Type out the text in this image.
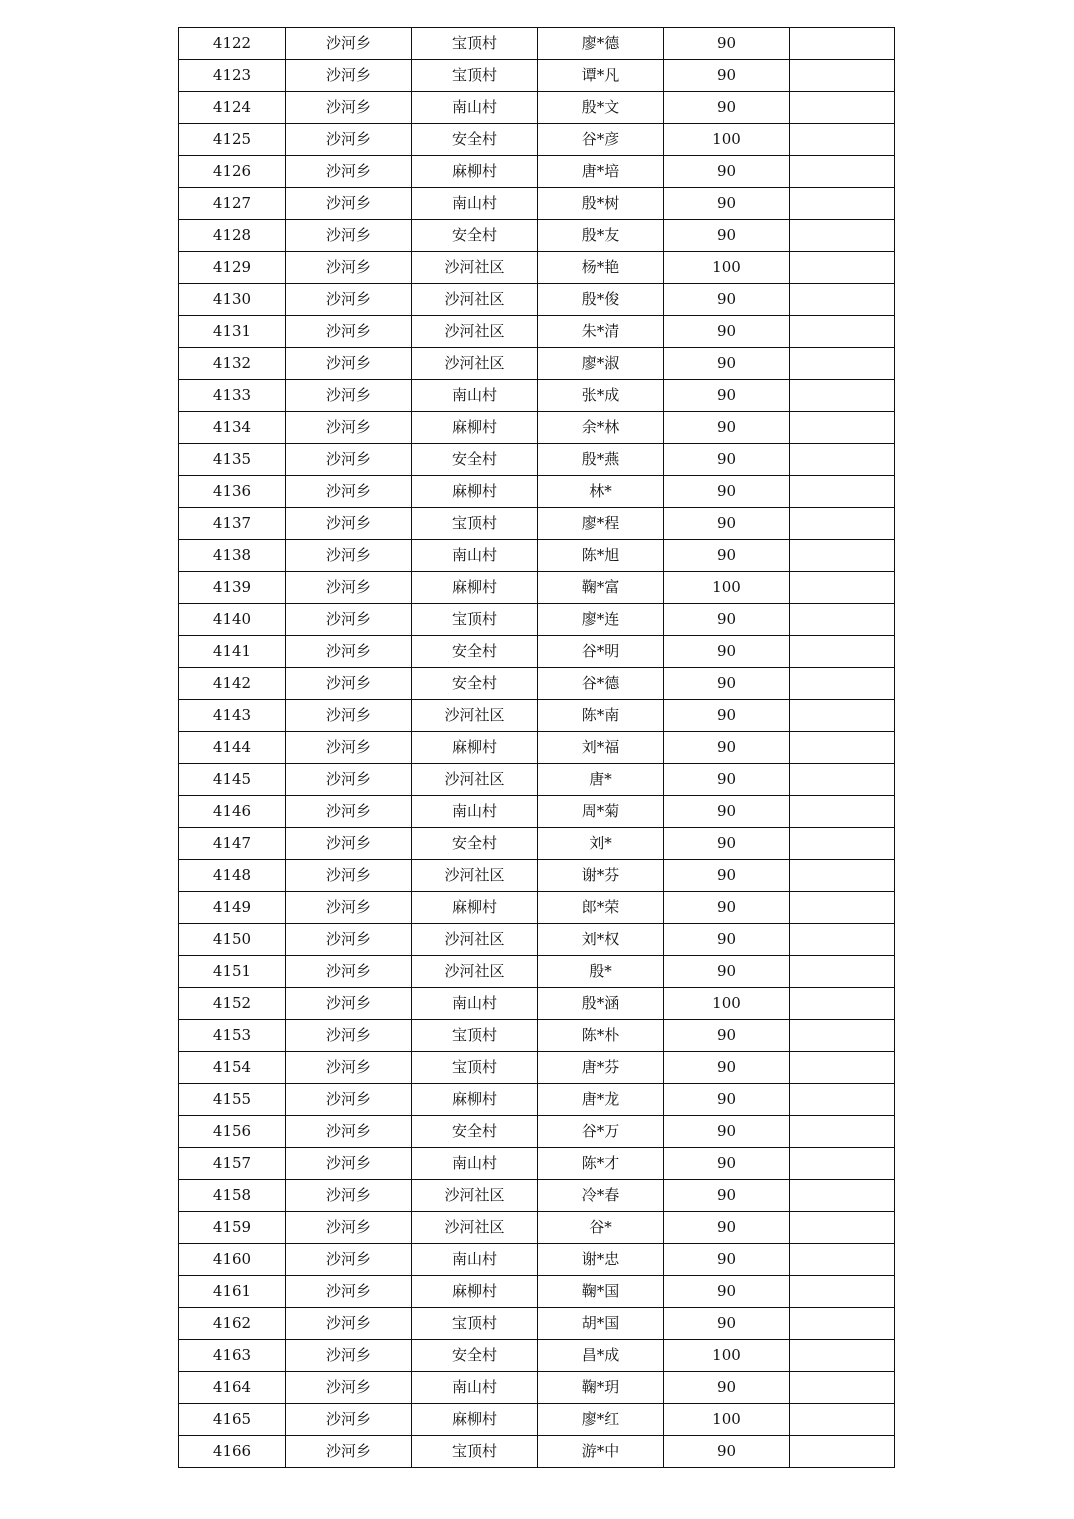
4122	沙河乡	宝顶村	廖*德	90	
4123	沙河乡	宝顶村	谭*凡	90	
4124	沙河乡	南山村	殷*文	90	
4125	沙河乡	安全村	谷*彦	100	
4126	沙河乡	麻柳村	唐*培	90	
4127	沙河乡	南山村	殷*树	90	
4128	沙河乡	安全村	殷*友	90	
4129	沙河乡	沙河社区	杨*艳	100	
4130	沙河乡	沙河社区	殷*俊	90	
4131	沙河乡	沙河社区	朱*清	90	
4132	沙河乡	沙河社区	廖*淑	90	
4133	沙河乡	南山村	张*成	90	
4134	沙河乡	麻柳村	余*林	90	
4135	沙河乡	安全村	殷*燕	90	
4136	沙河乡	麻柳村	林*	90	
4137	沙河乡	宝顶村	廖*程	90	
4138	沙河乡	南山村	陈*旭	90	
4139	沙河乡	麻柳村	鞠*富	100	
4140	沙河乡	宝顶村	廖*连	90	
4141	沙河乡	安全村	谷*明	90	
4142	沙河乡	安全村	谷*德	90	
4143	沙河乡	沙河社区	陈*南	90	
4144	沙河乡	麻柳村	刘*福	90	
4145	沙河乡	沙河社区	唐*	90	
4146	沙河乡	南山村	周*菊	90	
4147	沙河乡	安全村	刘*	90	
4148	沙河乡	沙河社区	谢*芬	90	
4149	沙河乡	麻柳村	郎*荣	90	
4150	沙河乡	沙河社区	刘*权	90	
4151	沙河乡	沙河社区	殷*	90	
4152	沙河乡	南山村	殷*涵	100	
4153	沙河乡	宝顶村	陈*朴	90	
4154	沙河乡	宝顶村	唐*芬	90	
4155	沙河乡	麻柳村	唐*龙	90	
4156	沙河乡	安全村	谷*万	90	
4157	沙河乡	南山村	陈*才	90	
4158	沙河乡	沙河社区	冷*春	90	
4159	沙河乡	沙河社区	谷*	90	
4160	沙河乡	南山村	谢*忠	90	
4161	沙河乡	麻柳村	鞠*国	90	
4162	沙河乡	宝顶村	胡*国	90	
4163	沙河乡	安全村	昌*成	100	
4164	沙河乡	南山村	鞠*玥	90	
4165	沙河乡	麻柳村	廖*红	100	
4166	沙河乡	宝顶村	游*中	90	
